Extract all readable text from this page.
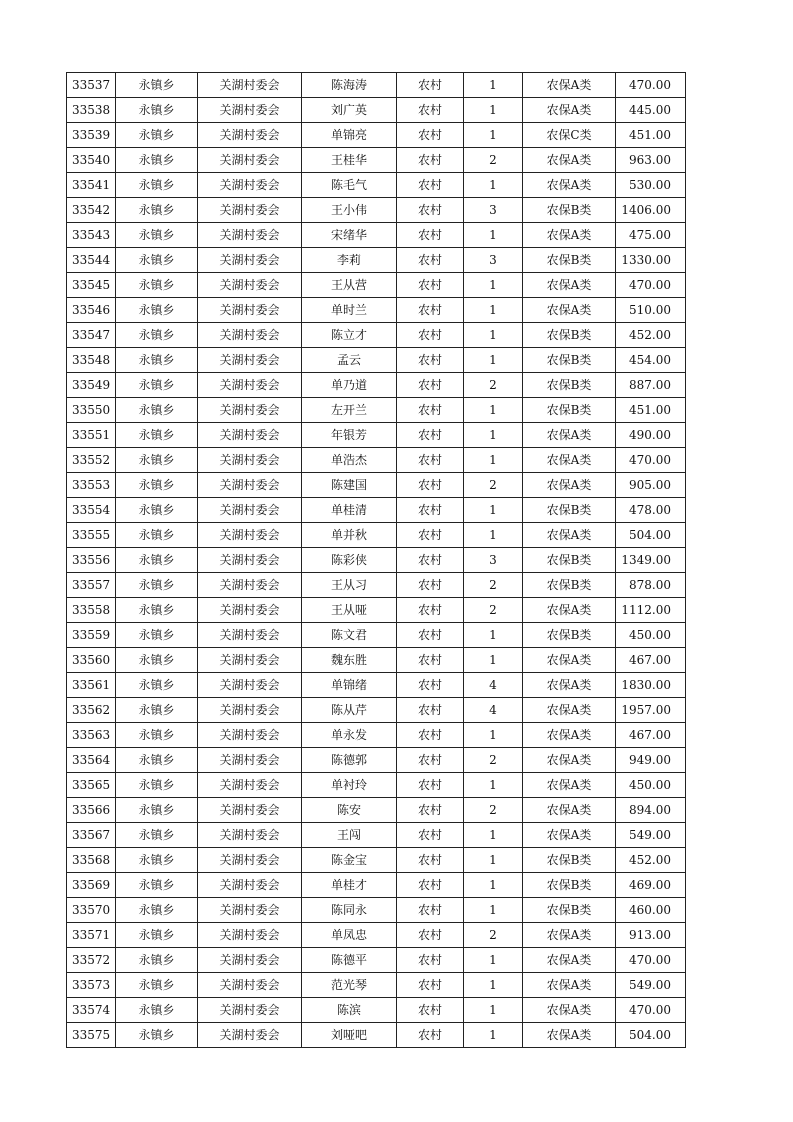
33537	永镇乡	关湖村委会	陈海涛	农村	1	农保A类	470.00
33538	永镇乡	关湖村委会	刘广英	农村	1	农保A类	445.00
33539	永镇乡	关湖村委会	单锦亮	农村	1	农保C类	451.00
33540	永镇乡	关湖村委会	王桂华	农村	2	农保A类	963.00
33541	永镇乡	关湖村委会	陈毛气	农村	1	农保A类	530.00
33542	永镇乡	关湖村委会	王小伟	农村	3	农保B类	1406.00
33543	永镇乡	关湖村委会	宋绪华	农村	1	农保A类	475.00
33544	永镇乡	关湖村委会	李莉	农村	3	农保B类	1330.00
33545	永镇乡	关湖村委会	王从营	农村	1	农保A类	470.00
33546	永镇乡	关湖村委会	单时兰	农村	1	农保A类	510.00
33547	永镇乡	关湖村委会	陈立才	农村	1	农保B类	452.00
33548	永镇乡	关湖村委会	孟云	农村	1	农保B类	454.00
33549	永镇乡	关湖村委会	单乃道	农村	2	农保B类	887.00
33550	永镇乡	关湖村委会	左开兰	农村	1	农保B类	451.00
33551	永镇乡	关湖村委会	年银芳	农村	1	农保A类	490.00
33552	永镇乡	关湖村委会	单浩杰	农村	1	农保A类	470.00
33553	永镇乡	关湖村委会	陈建国	农村	2	农保A类	905.00
33554	永镇乡	关湖村委会	单桂清	农村	1	农保B类	478.00
33555	永镇乡	关湖村委会	单并秋	农村	1	农保A类	504.00
33556	永镇乡	关湖村委会	陈彩侠	农村	3	农保B类	1349.00
33557	永镇乡	关湖村委会	王从习	农村	2	农保B类	878.00
33558	永镇乡	关湖村委会	王从哑	农村	2	农保A类	1112.00
33559	永镇乡	关湖村委会	陈文君	农村	1	农保B类	450.00
33560	永镇乡	关湖村委会	魏东胜	农村	1	农保A类	467.00
33561	永镇乡	关湖村委会	单锦绪	农村	4	农保A类	1830.00
33562	永镇乡	关湖村委会	陈从芹	农村	4	农保A类	1957.00
33563	永镇乡	关湖村委会	单永发	农村	1	农保A类	467.00
33564	永镇乡	关湖村委会	陈德郭	农村	2	农保A类	949.00
33565	永镇乡	关湖村委会	单衬玲	农村	1	农保A类	450.00
33566	永镇乡	关湖村委会	陈安	农村	2	农保A类	894.00
33567	永镇乡	关湖村委会	王闯	农村	1	农保A类	549.00
33568	永镇乡	关湖村委会	陈金宝	农村	1	农保B类	452.00
33569	永镇乡	关湖村委会	单桂才	农村	1	农保B类	469.00
33570	永镇乡	关湖村委会	陈同永	农村	1	农保B类	460.00
33571	永镇乡	关湖村委会	单凤忠	农村	2	农保A类	913.00
33572	永镇乡	关湖村委会	陈德平	农村	1	农保A类	470.00
33573	永镇乡	关湖村委会	范光琴	农村	1	农保A类	549.00
33574	永镇乡	关湖村委会	陈滨	农村	1	农保A类	470.00
33575	永镇乡	关湖村委会	刘哑吧	农村	1	农保A类	504.00
